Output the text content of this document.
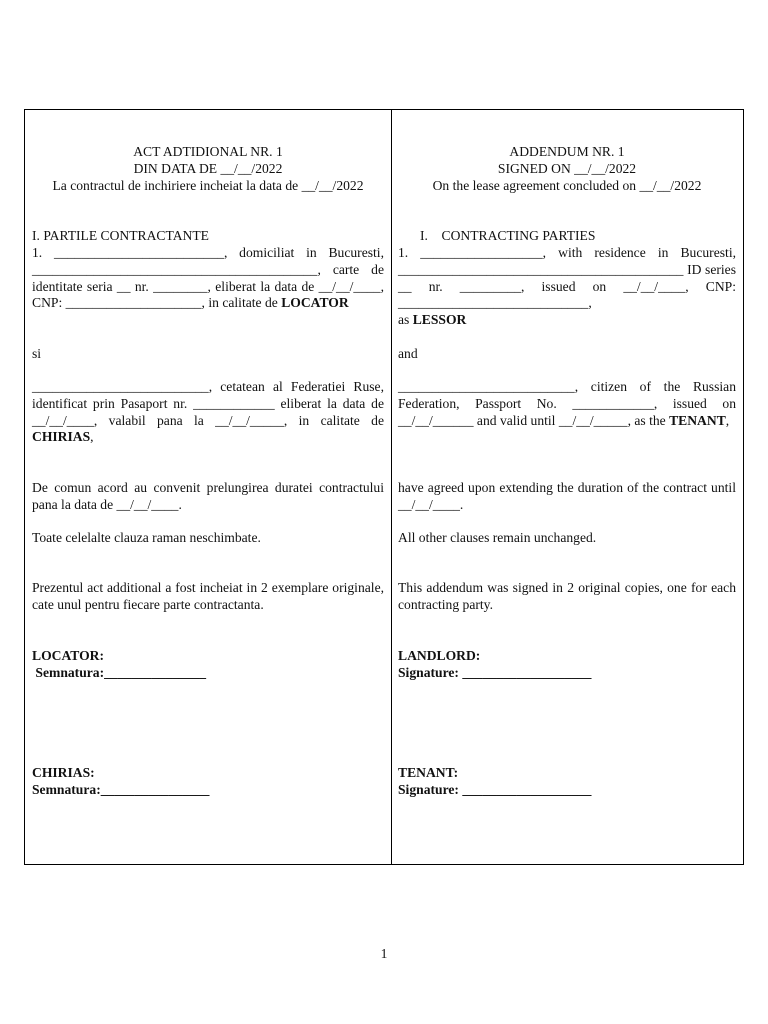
ACT ADTIDIONAL NR. 1
DIN DATA DE __/__/2022
La contractul de inchiriere incheiat la data de __/__/2022
I. PARTILE CONTRACTANTE
1. _________________________, domiciliat in Bucuresti, __________________________________________, carte de identitate seria __ nr. ________, eliberat la data de __/__/____, CNP: ____________________, in calitate de LOCATOR
si
__________________________, cetatean al Federatiei Ruse, identificat prin Pasaport nr. ____________ eliberat la data de __/__/____, valabil pana la __/__/_____, in calitate de CHIRIAS,
De comun acord au convenit prelungirea duratei contractului pana la data de __/__/____.
Toate celelalte clauza raman neschimbate.
Prezentul act additional a fost incheiat in 2 exemplare originale, cate unul pentru fiecare parte contractanta.
LOCATOR:
Semnatura:_______________
CHIRIAS:
Semnatura:________________
ADDENDUM NR. 1
SIGNED ON __/__/2022
On the lease agreement concluded on __/__/2022
I.    CONTRACTING PARTIES
1. __________________, with residence in Bucuresti, __________________________________________ ID series __ nr. _________, issued on __/__/____, CNP: ____________________________,
as LESSOR
and
__________________________, citizen of the Russian Federation, Passport No. ____________, issued on __/__/______ and valid until __/__/_____, as the TENANT,
have agreed upon extending the duration of the contract until __/__/____.
All other clauses remain unchanged.
This addendum was signed in 2 original copies, one for each contracting party.
LANDLORD:
Signature: ___________________
TENANT:
Signature: ___________________
1
